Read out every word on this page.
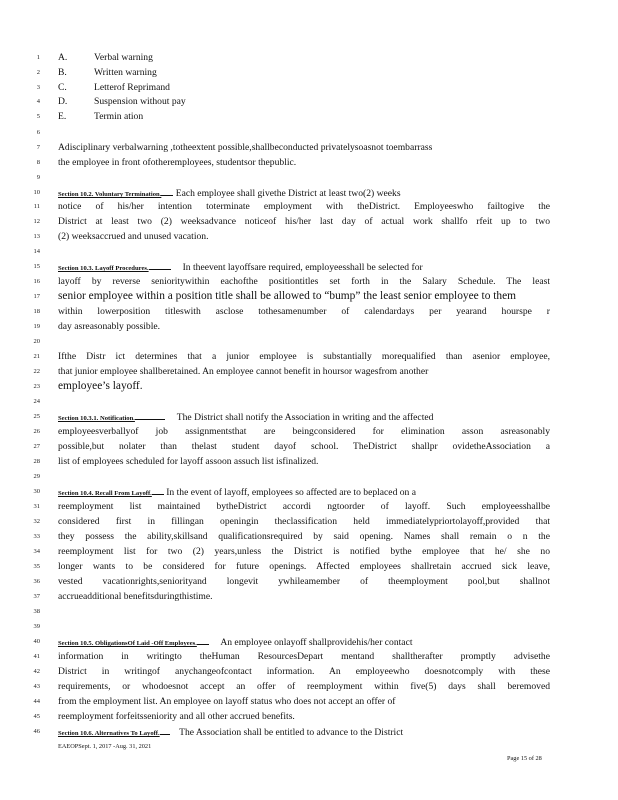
1
2
3
4
5
6
7
8
9
10
11
12
13
14
15
16
17
18
19
20
21
22
23
24
25
26
27
28
29
30
31
32
33
34
35
36
37
38
39
40
41
42
43
44
45
46
A.	Verbal warning
B.	Written warning
C.	Letterof Reprimand
D.	Suspension without pay
E.	Termin ation
Adisciplinary verbalwarning ,totheextent possible,shallbeconducted privatelysoasnot toembarrass
the employee in front ofotheremployees, studentsor thepublic.
Section 10.2. Voluntary Termination. Each employee shall givethe District at least two(2) weeks
notice of his/her intention toterminate employment with theDistrict. Employeeswho failtogive the
District at least two (2) weeksadvance noticeof his/her last day of actual work shallfo rfeit up to two
(2) weeksaccrued and unused vacation.
Section 10.3. Layoff Procedures.	In theevent layoffsare required, employeesshall be selected for
layoff by reverse senioritywithin eachofthe positiontitles set forth in the Salary Schedule. The least
senior employee within a position title shall be allowed to “bump” the least senior employee to them
within lowerposition titleswith asclose tothesamenumber of calendardays per yearand hourspe r
day asreasonably possible.
Ifthe Distr ict determines that a junior employee is substantially morequalified than asenior employee,
that junior employee shallberetained. An employee cannot benefit in hoursor wagesfrom another
employee’s layoff.
Section 10.3.1. Notification.	The District shall notify the Association in writing and the affected
employeesverballyof job assignmentsthat are beingconsidered for elimination asson asreasonably
possible,but nolater than thelast student dayof school. TheDistrict shallpr ovidetheAssociation a
list of employees scheduled for layoff assoon assuch list isfinalized.
Section 10.4. Recall From Layoff. In the event of layoff, employees so affected are to beplaced on a
reemployment list maintained bytheDistrict accordi ngtoorder of layoff. Such employeesshallbe
considered first in fillingan openingin theclassification held immediatelypriortolayoff,provided that
they possess the ability,skillsand qualificationsrequired by said opening. Names shall remain o n the
reemployment list for two (2) years,unless the District is notified bythe employee that he/ she no
longer wants to be considered for future openings. Affected employees shallretain accrued sick leave,
vested vacationrights,seniorityand longevit ywhileamember of theemployment pool,but shallnot
accrueadditional benefitsduringthistime.
Section 10.5. ObligationsOf Laid -Off Employees. An employee onlayoff shallprovidehis/her contact
information in writingto theHuman ResourcesDepart mentand shalltherafter promptly advisethe
District in writingof anychangeofcontact information. An employeewho doesnotcomply with these
requirements, or whodoesnot accept an offer of reemployment within five(5) days shall beremoved
from the employment list. An employee on layoff status who does not accept an offer of
reemployment forfeitsseniority and all other accrued benefits.
Section 10.6. Alternatives To Layoff. The Association shall be entitled to advance to the District
EAEOPSept. 1, 2017 -Aug. 31, 2021
Page 15 of 28
